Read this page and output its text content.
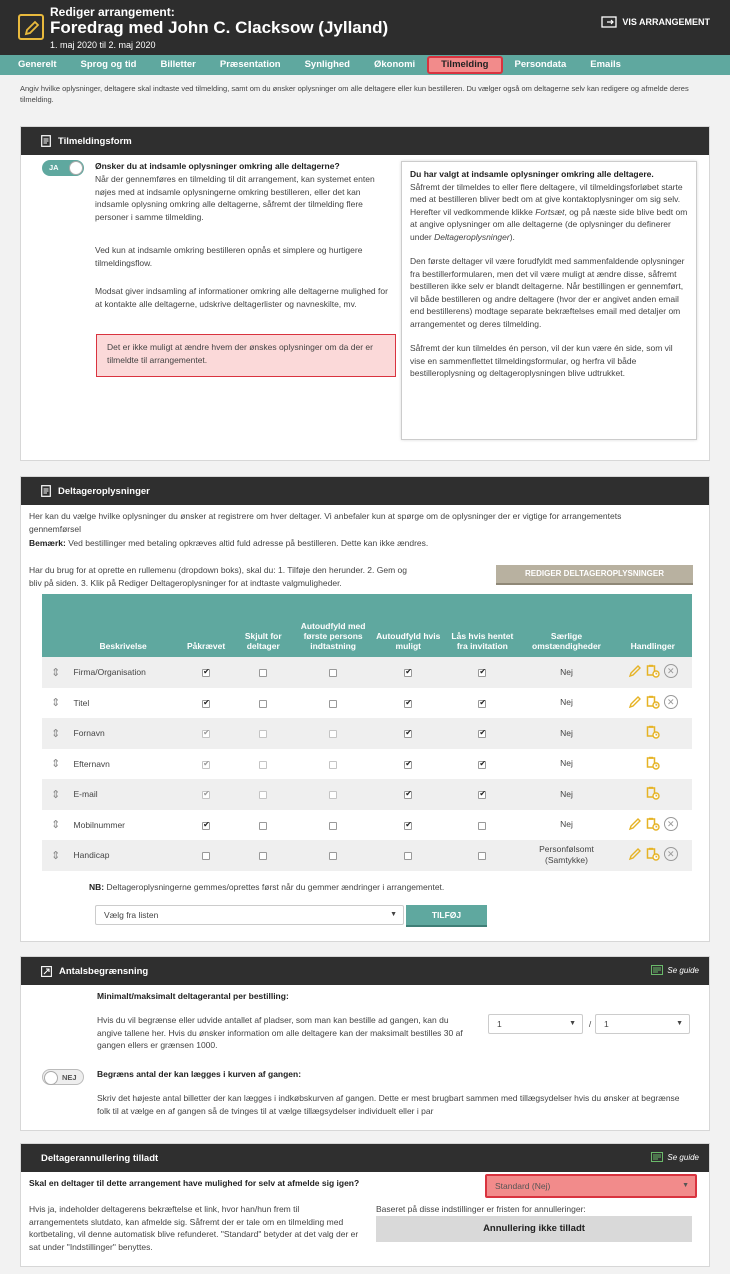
Rediger arrangement:
Foredrag med John C. Clacksow (Jylland)
1. maj 2020 til 2. maj 2020
VIS ARRANGEMENT
Generelt	Sprog og tid	Billetter	Præsentation	Synlighed	Økonomi	Tilmelding	Persondata	Emails
Angiv hvilke oplysninger, deltagere skal indtaste ved tilmelding, samt om du ønsker oplysninger om alle deltagere eller kun bestilleren. Du vælger også om deltagerne selv kan redigere og afmelde deres tilmelding.
Tilmeldingsform
JA	Ønsker du at indsamle oplysninger omkring alle deltagerne?
Når der gennemføres en tilmelding til dit arrangement, kan systemet enten nøjes med at indsamle oplysningerne omkring bestilleren, eller det kan indsamle oplysning omkring alle deltagerne, såfremt der tilmelding flere personer i samme tilmelding.
Ved kun at indsamle omkring bestilleren opnås et simplere og hurtigere tilmeldingsflow.
Modsat giver indsamling af informationer omkring alle deltagerne mulighed for at kontakte alle deltagerne, udskrive deltagerlister og navneskilte, mv.
Det er ikke muligt at ændre hvem der ønskes oplysninger om da der er tilmeldte til arrangementet.
Du har valgt at indsamle oplysninger omkring alle deltagere.
Såfremt der tilmeldes to eller flere deltagere, vil tilmeldingsforløbet starte med at bestilleren bliver bedt om at give kontaktoplysninger om sig selv. Herefter vil vedkommende klikke Fortsæt, og på næste side blive bedt om at angive oplysninger om alle deltagerne (de oplysninger du definerer under Deltageroplysninger).
Den første deltager vil være forudfyldt med sammenfaldende oplysninger fra bestillerformularen, men det vil være muligt at ændre disse, såfremt bestilleren ikke selv er blandt deltagerne. Når bestillingen er gennemført, vil både bestilleren og andre deltagere (hvor der er angivet anden email end bestillerens) modtage separate bekræftelses email med detaljer om arrangementet og deres tilmelding.
Såfremt der kun tilmeldes én person, vil der kun være én side, som vil vise en sammenflettet tilmeldingsformular, og herfra vil både bestilleroplysning og deltageroplysningen blive udtrukket.
Deltageroplysninger
Her kan du vælge hvilke oplysninger du ønsker at registrere om hver deltager. Vi anbefaler kun at spørge om de oplysninger der er vigtige for arrangementets gennemførsel
Bemærk: Ved bestillinger med betaling opkræves altid fuld adresse på bestilleren. Dette kan ikke ændres.
Har du brug for at oprette en rullemenu (dropdown boks), skal du: 1. Tilføje den herunder. 2. Gem og bliv på siden. 3. Klik på Rediger Deltageroplysninger for at indtaste valgmuligheder.
REDIGER DELTAGEROPLYSNINGER
	Beskrivelse	Påkrævet	Skjult for deltager	Autoudfyld med første persons indtastning	Autoudfyld hvis muligt	Lås hvis hentet fra invitation	Særlige omstændigheder	Handlinger
⇕	Firma/Organisation	✔			✔	✔	Nej	✕

⇕	Titel	✔			✔	✔	Nej	✕

⇕	Fornavn	✔			✔	✔	Nej	

⇕	Efternavn	✔			✔	✔	Nej	

⇕	E-mail	✔			✔	✔	Nej	

⇕	Mobilnummer	✔			✔		Nej	✕

⇕	Handicap						Personfølsomt (Samtykke)	✕
NB: Deltageroplysningerne gemmes/oprettes først når du gemmer ændringer i arrangementet.
Vælg fra listen	▼	TILFØJ
Antalsbegrænsning	Se guide
Minimalt/maksimalt deltagerantal per bestilling:
Hvis du vil begrænse eller udvide antallet af pladser, som man kan bestille ad gangen, kan du angive tallene her. Hvis du ønsker information om alle deltagere kan der maksimalt bestilles 30 af gangen ellers er grænsen 1000.
1	▼	/	1	▼
NEJ Begræns antal der kan lægges i kurven af gangen:
Skriv det højeste antal billetter der kan lægges i indkøbskurven af gangen. Dette er mest brugbart sammen med tillægsydelser hvis du ønsker at begrænse folk til at vælge en af gangen så de tvinges til at vælge tillægsydelser individuelt eller i par
Deltagerannullering tilladt	Se guide
Skal en deltager til dette arrangement have mulighed for selv at afmelde sig igen?	Standard (Nej)	▼
Hvis ja, indeholder deltagerens bekræftelse et link, hvor han/hun frem til arrangementets slutdato, kan afmelde sig. Såfremt der er tale om en tilmelding med kortbetaling, vil denne automatisk blive refunderet. "Standard" betyder at det valg der er sat under "Indstillinger" benyttes.
Baseret på disse indstillinger er fristen for annulleringer:
Annullering ikke tilladt
